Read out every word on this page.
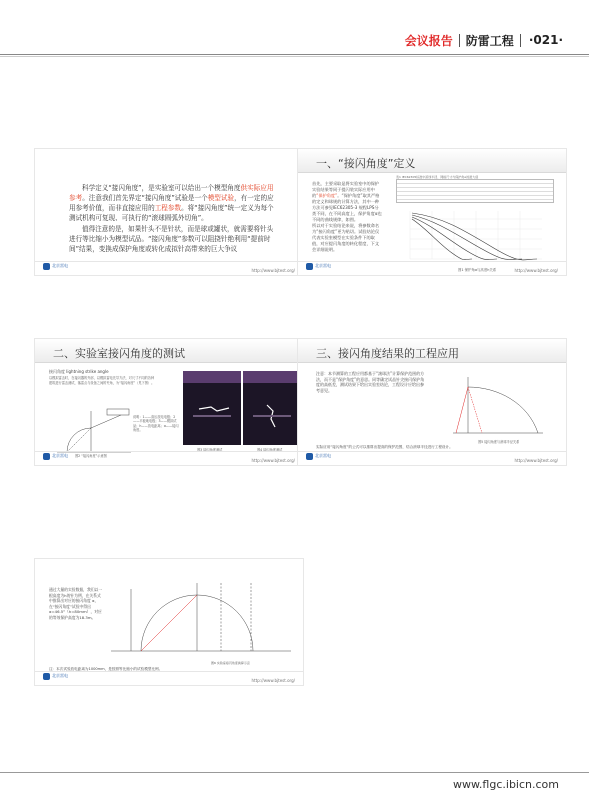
会议报告 防雷工程 ·021·

科学定义“接闪角度”，是实验室可以给出一个模型角度供实际应用参考。注意我们首先界定“接闪角度”试验是一个模型试验，有一定的应用参考价值，而非直接应用的工程参数。将“接闪角度”统一定义为每个测试机构可复现、可执行的“滚球圆弧外切角”。

值得注意的是，如果针头不是针状，而是球或罐状，就需要将针头进行等比缩小为模型试品。“接闪角度”参数可以阻挠针绝利用“提前时间”结果，变换成保护角度或转化成拟针高带来的巨大争议

北京雷电
http://www.bjtest.org/
一、“接闪角度”定义
首先，主要采取是将实验室中的保护实验结果等同于提闪装实际应用中的“保护角度”。“保护角度”取其严格的定义和球规的计算方法，其中一种方法可参见IEC62305-3 规程LPS分类不同，在不同高度上，保护角度α也不同的曲线规律，如图。
所以对于实验结论来说，将参数命名为“接闪角度”更为贴切。试验结论仅代表实验室模型在实验条件下的取值，对应提闪角度的转化程度，下文会详细说明。
表1 IEC62305标准中滚球半径、网格尺寸与保护角α的最大值
图1 保护角α与高度h关系
北京雷电
http://www.bjtest.org/
二、实验室接闪角度的测试
接闪角度 lightning strike angle
以模拟雷击时，在接闪器的外部，以模拟雷电先导方法，对尺寸不同的各种建筑进行雷击测试，落雷点与设备之间的夹角，为“接闪角度”（见下图）。
说明：1——高压放电电极；2——平板地电极；3——模拟试品；h——放电距离；α——接闪角度。
图2 “接闪角度”示意图
图3 接闪角度测试	图4 接闪角度测试
北京雷电
http://www.bjtest.org/
三、接闪角度结果的工程应用
注意：本节测算的工程应用都基于“滚球法”计算保护范围的方法，而不是“保护角度”的意思。同等确定试品针尖接闪保护角度的高低差，测试结果下给出实验室结论，工程设计应给出参考意见。
图5 接闪角度与滚球半径关系
实际应用“接闪角度”的公式可以推算出提高的保护范围，结合滚球半径进行工程设计。
北京雷电
http://www.bjtest.org/
通过大量的实验数据，我们以一根高度为h的针为例，在关系式中推算出对应的接闪角度 α，在“接闪角度”试验中得出α=46.5°（h=80mm），对应的等效保护高度为18.3m。
图6 实验室接闪角度换算示意
注：本次试验放电距离为1000mm，是按照等比缩小的试验模型比例。
北京雷电
http://www.bjtest.org/
www.flgc.ibicn.com
